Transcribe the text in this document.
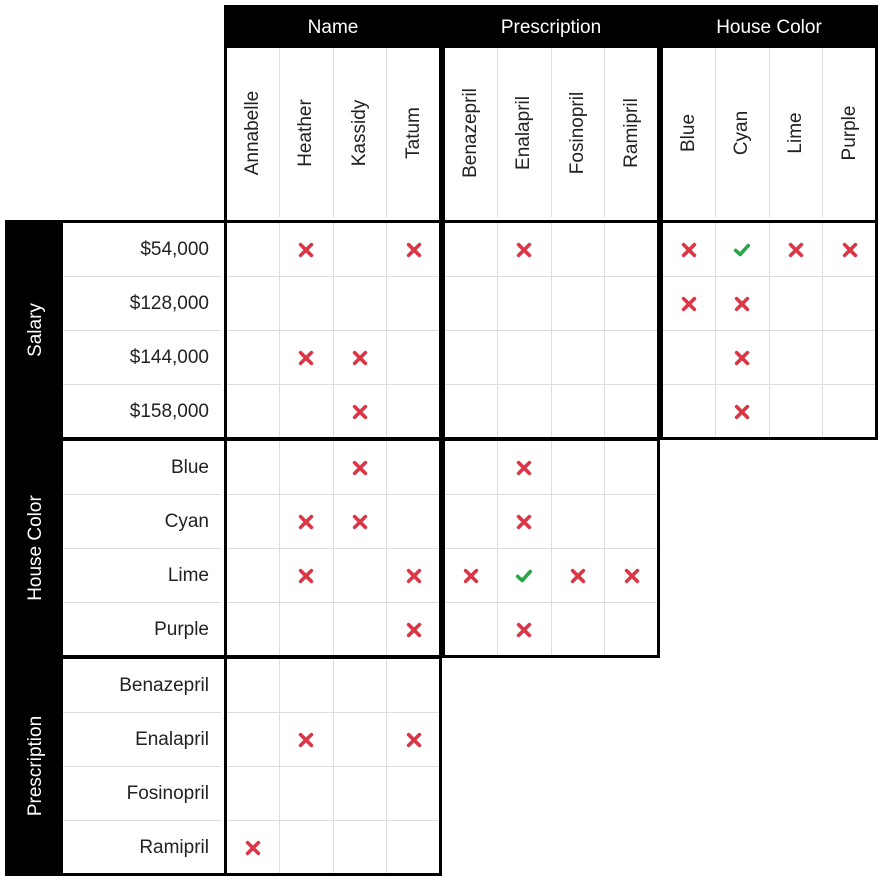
Name
Annabelle Heather Kassidy Tatum
Prescription
Benazepril Enalapril Fosinopril Ramipril
House Color
Blue Cyan Lime Purple
Salary
$54,000
$128,000
$144,000
$158,000
House Color
Blue
Cyan
Lime
Purple
Prescription
Benazepril
Enalapril
Fosinopril
Ramipril
